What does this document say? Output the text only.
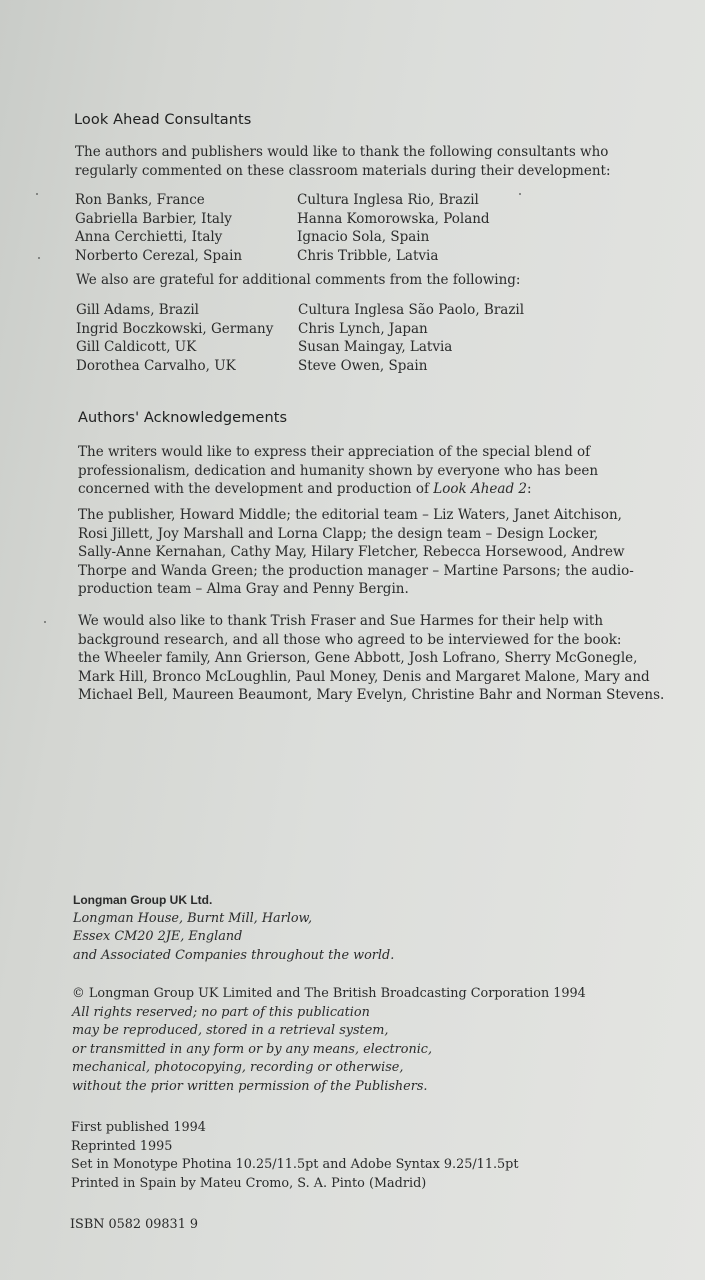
Look Ahead Consultants

The authors and publishers would like to thank the following consultants who

regularly commented on these classroom materials during their development:

Ron Banks, France	Cultura Inglesa Rio, Brazil
Gabriella Barbier, Italy	Hanna Komorowska, Poland
Anna Cerchietti, Italy	Ignacio Sola, Spain
Norberto Cerezal, Spain	Chris Tribble, Latvia
We also are grateful for additional comments from the following:
Gill Adams, Brazil	Cultura Inglesa São Paolo, Brazil
Ingrid Boczkowski, Germany	Chris Lynch, Japan
Gill Caldicott, UK	Susan Maingay, Latvia
Dorothea Carvalho, UK	Steve Owen, Spain
Authors' Acknowledgements

The writers would like to express their appreciation of the special blend of

professionalism, dedication and humanity shown by everyone who has been

concerned with the development and production of Look Ahead 2:

The publisher, Howard Middle; the editorial team – Liz Waters, Janet Aitchison,

Rosi Jillett, Joy Marshall and Lorna Clapp; the design team – Design Locker,

Sally-Anne Kernahan, Cathy May, Hilary Fletcher, Rebecca Horsewood, Andrew

Thorpe and Wanda Green; the production manager – Martine Parsons; the audio-

production team – Alma Gray and Penny Bergin.

We would also like to thank Trish Fraser and Sue Harmes for their help with

background research, and all those who agreed to be interviewed for the book:

the Wheeler family, Ann Grierson, Gene Abbott, Josh Lofrano, Sherry McGonegle,

Mark Hill, Bronco McLoughlin, Paul Money, Denis and Margaret Malone, Mary and

Michael Bell, Maureen Beaumont, Mary Evelyn, Christine Bahr and Norman Stevens.

Longman Group UK Ltd.
Longman House, Burnt Mill, Harlow,
Essex CM20 2JE, England
and Associated Companies throughout the world.
© Longman Group UK Limited and The British Broadcasting Corporation 1994
All rights reserved; no part of this publication
may be reproduced, stored in a retrieval system,
or transmitted in any form or by any means, electronic,
mechanical, photocopying, recording or otherwise,
without the prior written permission of the Publishers.
First published 1994
Reprinted 1995
Set in Monotype Photina 10.25/11.5pt and Adobe Syntax 9.25/11.5pt
Printed in Spain by Mateu Cromo, S. A. Pinto (Madrid)
ISBN 0582 09831 9
